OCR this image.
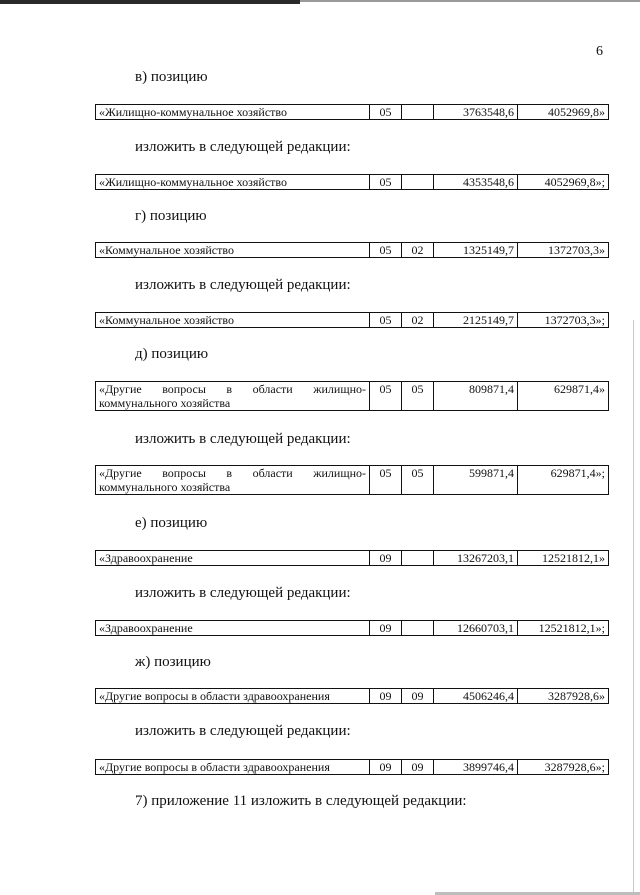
6
в) позицию
«Жилищно-коммунальное хозяйство	05		3763548,6	4052969,8»
изложить в следующей редакции:
«Жилищно-коммунальное хозяйство	05		4353548,6	4052969,8»;
г) позицию
«Коммунальное хозяйство	05	02	1325149,7	1372703,3»
изложить в следующей редакции:
«Коммунальное хозяйство	05	02	2125149,7	1372703,3»;
д) позицию
«Другие вопросы в области жилищно-
коммунального хозяйства
	05	05	809871,4	629871,4»
изложить в следующей редакции:
«Другие вопросы в области жилищно-
коммунального хозяйства
	05	05	599871,4	629871,4»;
е) позицию
«Здравоохранение	09		13267203,1	12521812,1»
изложить в следующей редакции:
«Здравоохранение	09		12660703,1	12521812,1»;
ж) позицию
«Другие вопросы в области здравоохранения	09	09	4506246,4	3287928,6»
изложить в следующей редакции:
«Другие вопросы в области здравоохранения	09	09	3899746,4	3287928,6»;
7) приложение 11 изложить в следующей редакции:
